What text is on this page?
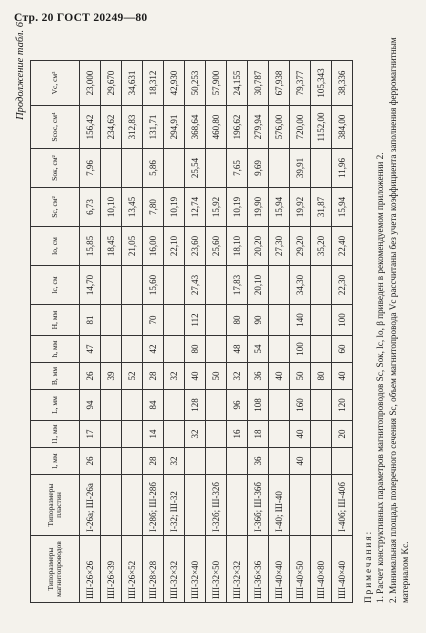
Стр. 20 ГОСТ 20249—80
Продолжение табл. 6
Типоразмеры магнитопроводов	Типоразмеры пластин	l, мм	l1, мм	L, мм	B, мм	h, мм	H, мм	lc, см	lо, см	Sc, см²	Sок, см²	Sсос, см⁴	Vc, см³
ШI-26×26	I-26а; Ш-26а	26	17	94	26	47	81	14,70	15,85	6,73	7,96	156,42	23,000
ШI-26×39					39				18,45	10,10		234,62	29,670
ШI-26×52					52				21,05	13,45		312,83	34,631
ШI-28×28	I-28б; Ш-28б	28	14	84	28	42	70	15,60	16,00	7,80	5,86	131,71	18,312
ШI-32×32	I-32; Ш-32	32			32				22,10	10,19		294,91	42,930
ШI-32×40			32	128	40	80	112	27,43	23,60	12,74	25,54	368,64	50,253
ШI-32×50	I-32б; Ш-32б				50				25,60	15,92		460,80	57,900
ШI-32×32			16	96	32	48	80	17,83	18,10	10,19	7,65	196,62	24,155
ШI-36×36	I-36б; Ш-36б	36	18	108	36	54	90	20,10	20,20	19,90	9,69	279,94	30,787
ШI-40×40	I-40; Ш-40				40				27,30	15,94		576,00	67,938
ШI-40×50		40	40	160	50	100	140	34,30	29,20	19,92	39,91	720,00	79,377
ШI-40×80					80				35,20	31,87		1152,00	105,343
ШI-40×40	I-40б; Ш-40б		20	120	40	60	100	22,30	22,40	15,94	11,96	384,00	38,336
Примечания: 1. Расчет конструктивных параметров магнитопроводов Sc, Sок, lc, lо, β приведен в рекомендуемом приложении 2. 2. Минимальная площадь поперечного сечения Sc, объем магнитопровода Vc рассчитаны без учета коэффициента заполнения ферромагнитным материалом Kc.
